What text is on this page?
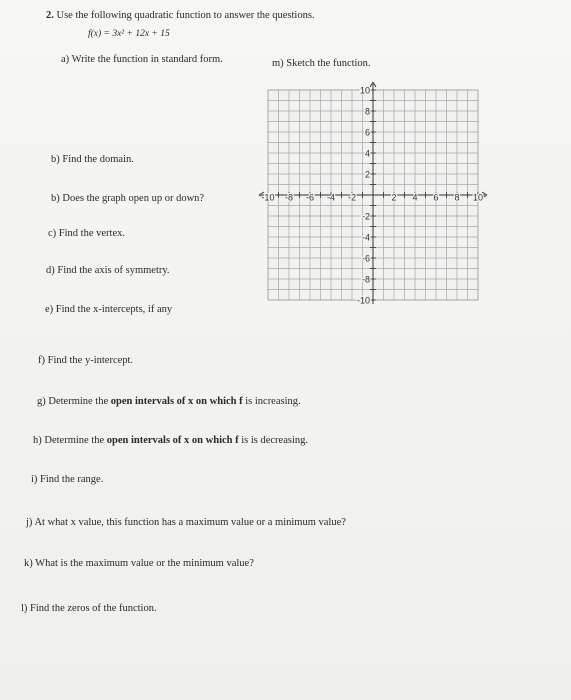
2. Use the following quadratic function to answer the questions.
f(x) = 3x² + 12x + 15
a) Write the function in standard form.	m) Sketch the function.
b) Find the domain.
b) Does the graph open up or down?
c) Find the vertex.
d) Find the axis of symmetry.
e) Find the x-intercepts, if any
f) Find the y-intercept.
g) Determine the open intervals of x on which f is increasing.
h) Determine the open intervals of x on which f is is decreasing.
i) Find the range.
j) At what x value, this function has a maximum value or a minimum value?
k) What is the maximum value or the minimum value?
l) Find the zeros of the function.
-10 -8 -6 -4 -2	2 4 6 8 10
10
8
6
4
2
-2
-4
-6
-8
-10
